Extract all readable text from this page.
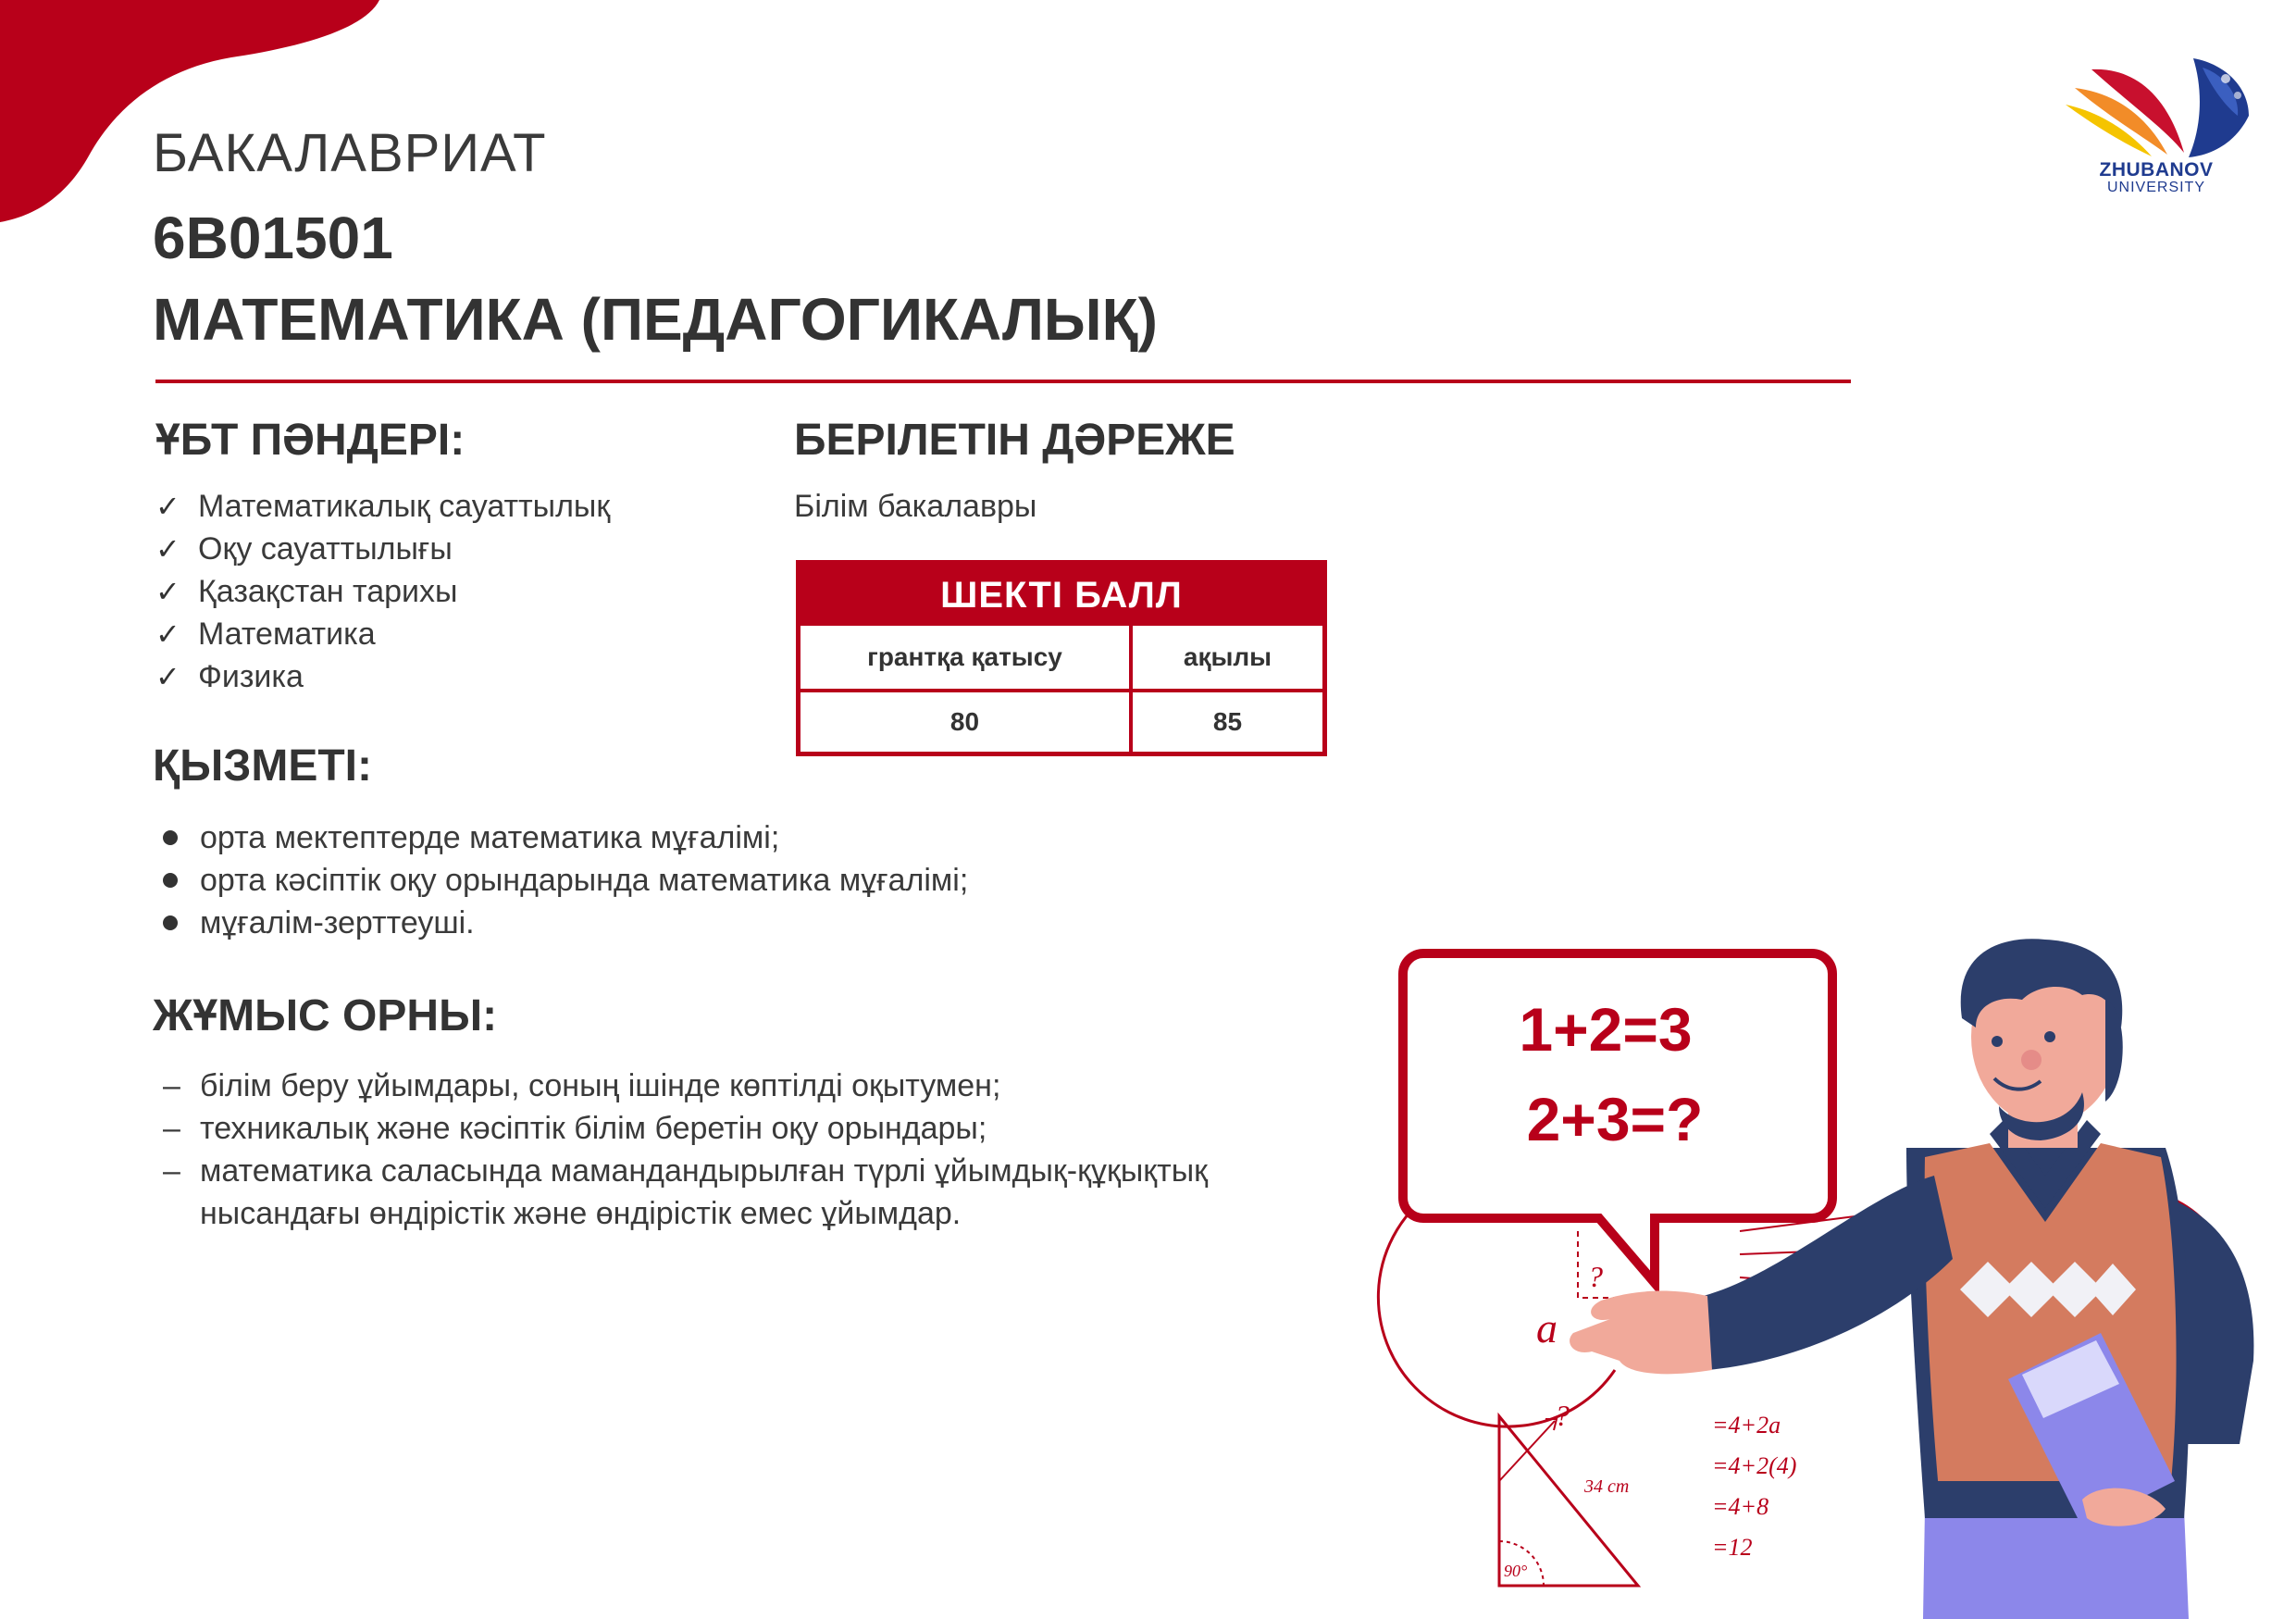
ZHUBANOV
UNIVERSITY
БАКАЛАВРИАТ
6B01501
МАТЕМАТИКА (ПЕДАГОГИКАЛЫҚ)
ҰБТ ПӘНДЕРІ:
✓ Математикалық сауаттылық
✓ Оқу сауаттылығы
✓ Қазақстан тарихы
✓ Математика
✓ Физика
БЕРІЛЕТІН ДӘРЕЖЕ
Білім бакалавры
ШЕКТІ БАЛЛ
грантқа қатысу	ақылы
80	85
ҚЫЗМЕТІ:
орта мектептерде математика мұғалімі;
орта кәсіптік оқу орындарында математика мұғалімі;
мұғалім-зерттеуші.
ЖҰМЫС ОРНЫ:
– білім беру ұйымдары, соның ішінде көптілді оқытумен;
– техникалық және кәсіптік білім беретін оқу орындары;
– математика саласында мамандандырылған түрлі ұйымдық-құқықтық нысандағы өндірістік және өндірістік емес ұйымдар.
1+2=3
2+3=?
?
a
?
34 cm
90°
=4+2a
=4+2(4)
=4+8
=12
